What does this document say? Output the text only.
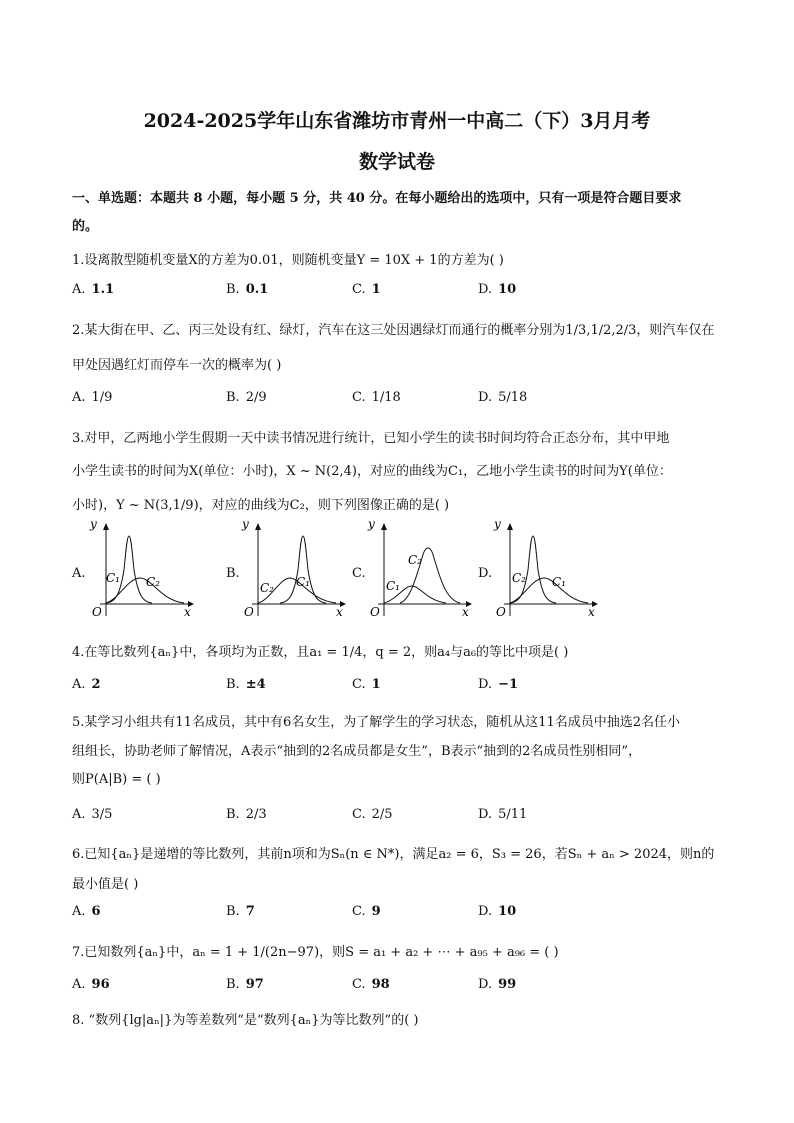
2024-2025学年山东省潍坊市青州一中高二（下）3月月考
数学试卷
一、单选题：本题共 8 小题，每小题 5 分，共 40 分。在每小题给出的选项中，只有一项是符合题目要求
的。
1.设离散型随机变量X的方差为0.01，则随机变量Y = 10X + 1的方差为( )
A. 1.1	B. 0.1	C. 1	D. 10
2.某大街在甲、乙、丙三处设有红、绿灯，汽车在这三处因遇绿灯而通行的概率分别为1/3,1/2,2/3，则汽车仅在
甲处因遇红灯而停车一次的概率为( )
A. 1/9	B. 2/9	C. 1/18	D. 5/18
3.对甲，乙两地小学生假期一天中读书情况进行统计，已知小学生的读书时间均符合正态分布，其中甲地
小学生读书的时间为X(单位：小时)，X ~ N(2,4)，对应的曲线为C₁，乙地小学生读书的时间为Y(单位：
小时)，Y ~ N(3,1/9)，对应的曲线为C₂，则下列图像正确的是( )
A.
y
x
O
C₁ C₂
B.
y
x
O
C₂ C₁
C.
y
x
O
C₁
C₂
D.
y
x
O
C₂ C₁
4.在等比数列{aₙ}中，各项均为正数，且a₁ = 1/4，q = 2，则a₄与a₆的等比中项是( )
A. 2	B. ±4	C. 1	D. −1
5.某学习小组共有11名成员，其中有6名女生，为了解学生的学习状态，随机从这11名成员中抽选2名任小
组组长，协助老师了解情况，A表示“抽到的2名成员都是女生”，B表示“抽到的2名成员性别相同”，
则P(A|B) = ( )
A. 3/5	B. 2/3	C. 2/5	D. 5/11
6.已知{aₙ}是递增的等比数列，其前n项和为Sₙ(n ∈ N*)，满足a₂ = 6，S₃ = 26，若Sₙ + aₙ > 2024，则n的
最小值是( )
A. 6	B. 7	C. 9	D. 10
7.已知数列{aₙ}中，aₙ = 1 + 1/(2n−97)，则S = a₁ + a₂ + ⋯ + a₉₅ + a₉₆ = ( )
A. 96	B. 97	C. 98	D. 99
8. “数列{lg|aₙ|}为等差数列”是“数列{aₙ}为等比数列”的( )
